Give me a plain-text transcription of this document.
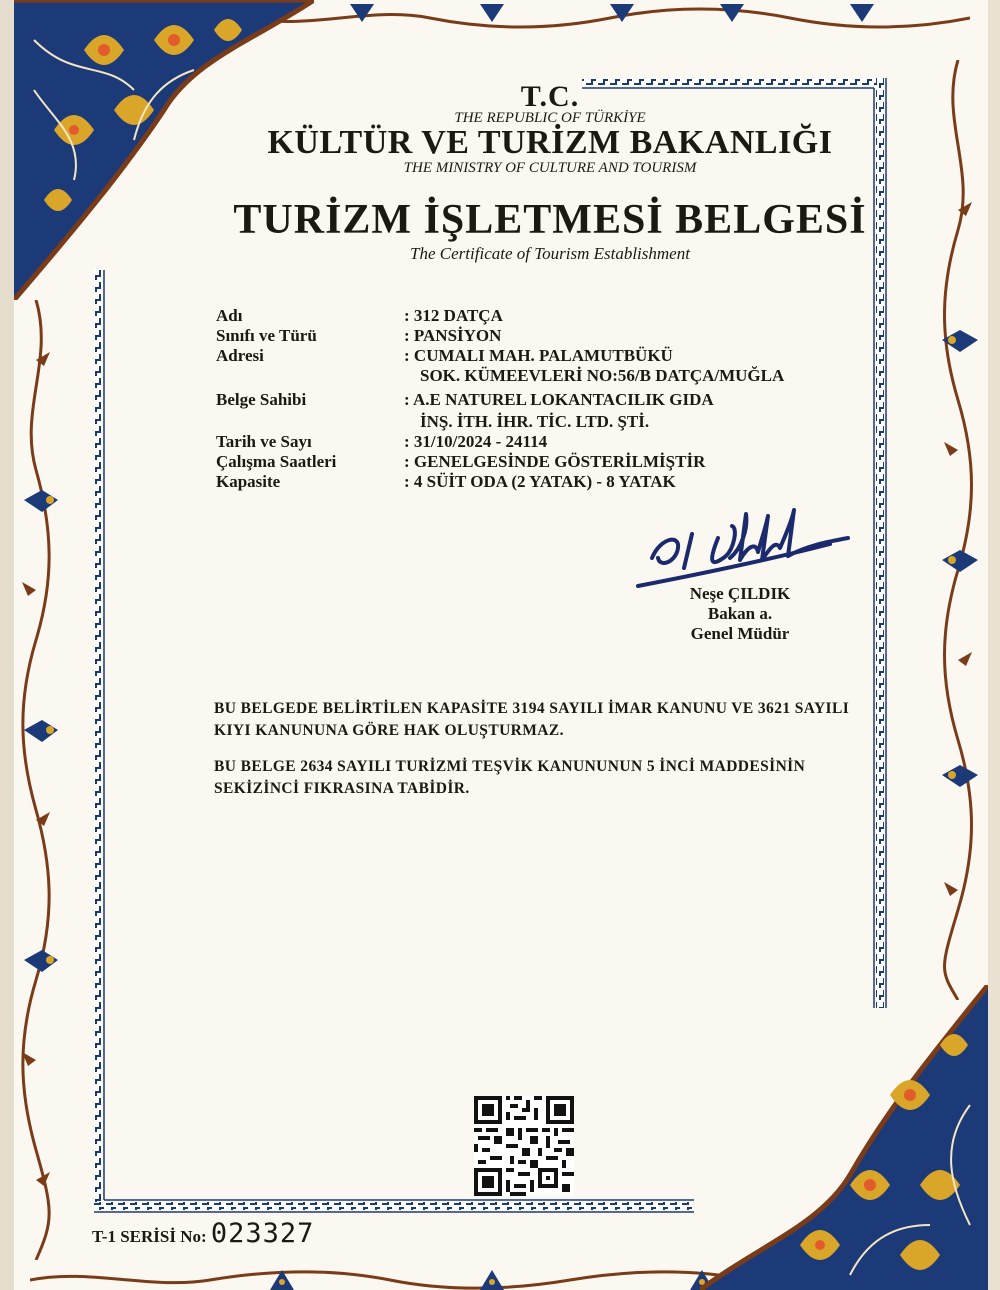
T.C.
THE REPUBLIC OF TÜRKİYE
KÜLTÜR VE TURİZM BAKANLIĞI
THE MINISTRY OF CULTURE AND TOURISM
TURİZM İŞLETMESİ BELGESİ
The Certificate of Tourism Establishment
Adı	: 312 DATÇA
Sınıfı ve Türü	: PANSİYON
Adresi	: CUMALI MAH. PALAMUTBÜKÜ
SOK. KÜMEEVLERİ NO:56/B DATÇA/MUĞLA
Belge Sahibi	: A.E NATUREL LOKANTACILIK GIDA
İNŞ. İTH. İHR. TİC. LTD. ŞTİ.
Tarih ve Sayı	: 31/10/2024 - 24114
Çalışma Saatleri	: GENELGESİNDE GÖSTERİLMİŞTİR
Kapasite	: 4 SÜİT ODA (2 YATAK) - 8 YATAK
Neşe ÇILDIK
Bakan a.
Genel Müdür
BU BELGEDE BELİRTİLEN KAPASİTE 3194 SAYILI İMAR KANUNU VE 3621 SAYILI KIYI KANUNUNA GÖRE HAK OLUŞTURMAZ.
BU BELGE 2634 SAYILI TURİZMİ TEŞVİK KANUNUNUN 5 İNCİ MADDESİNİN SEKİZİNCİ FIKRASINA TABİDİR.
T-1 SERİSİ No: 023327
